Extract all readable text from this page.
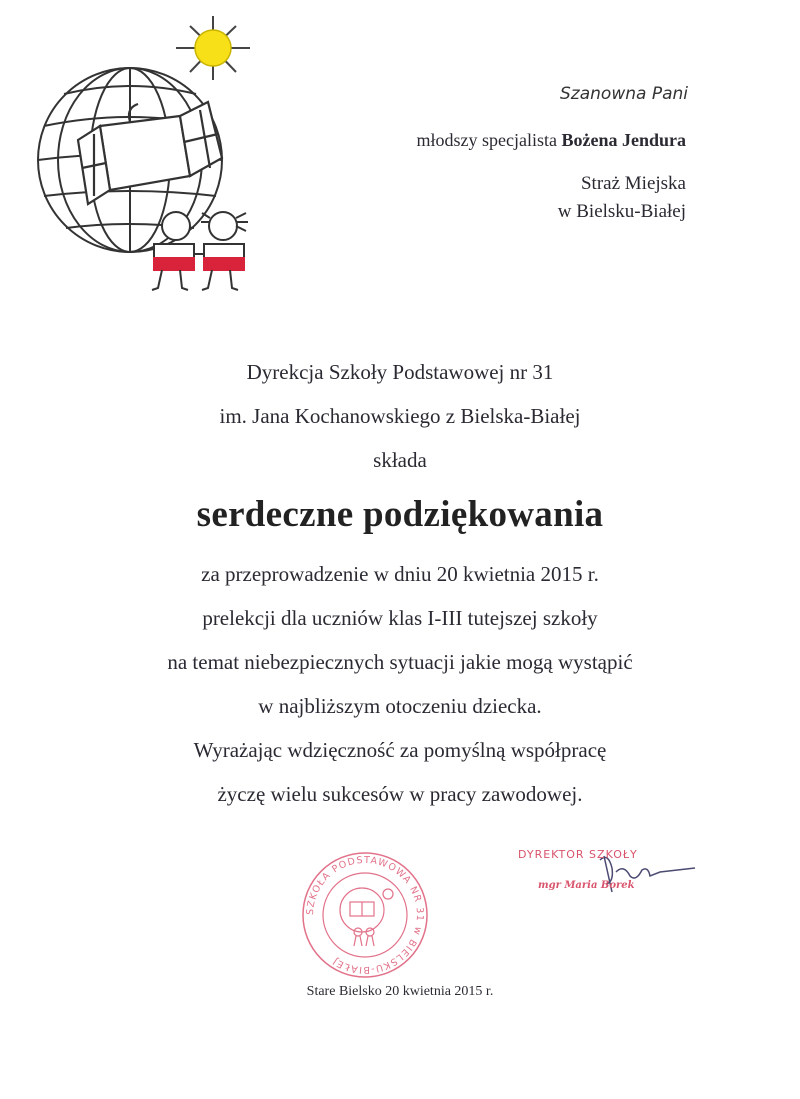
Szanowna Pani
młodszy specjalista Bożena Jendura
Straż Miejska
w Bielsku-Białej
Dyrekcja Szkoły Podstawowej nr 31
im. Jana Kochanowskiego z Bielska-Białej
składa
serdeczne podziękowania
za przeprowadzenie w dniu 20 kwietnia 2015 r.
prelekcji dla uczniów klas I-III tutejszej szkoły
na temat niebezpiecznych sytuacji jakie mogą wystąpić
w najbliższym otoczeniu dziecka.
Wyrażając wdzięczność za pomyślną współpracę
życzę wielu sukcesów w pracy zawodowej.
SZKOŁA PODSTAWOWA NR 31 w BIELSKU-BIAŁEJ
DYREKTOR SZKOŁY
mgr Maria Borek
Stare Bielsko 20 kwietnia 2015 r.
